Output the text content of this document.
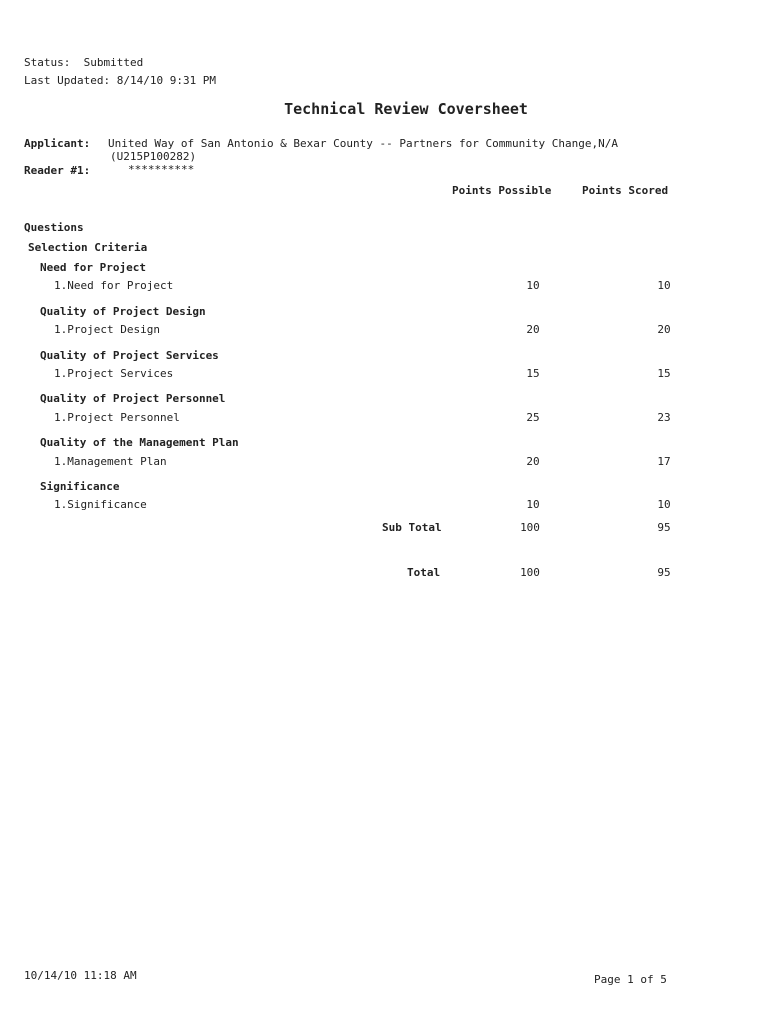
Status: Submitted
Last Updated: 8/14/10 9:31 PM
Technical Review Coversheet
Applicant: United Way of San Antonio & Bexar County -- Partners for Community Change,N/A
(U215P100282)
Reader #1:	**********
Points Possible	Points Scored
Questions
Selection Criteria
Need for Project
1.Need for Project	10	10
Quality of Project Design
1.Project Design	20	20
Quality of Project Services
1.Project Services	15	15
Quality of Project Personnel
1.Project Personnel	25	23
Quality of the Management Plan
1.Management Plan	20	17
Significance
1.Significance	10	10
Sub Total	100	95
Total	100	95
10/14/10 11:18 AM	Page 1 of 5
